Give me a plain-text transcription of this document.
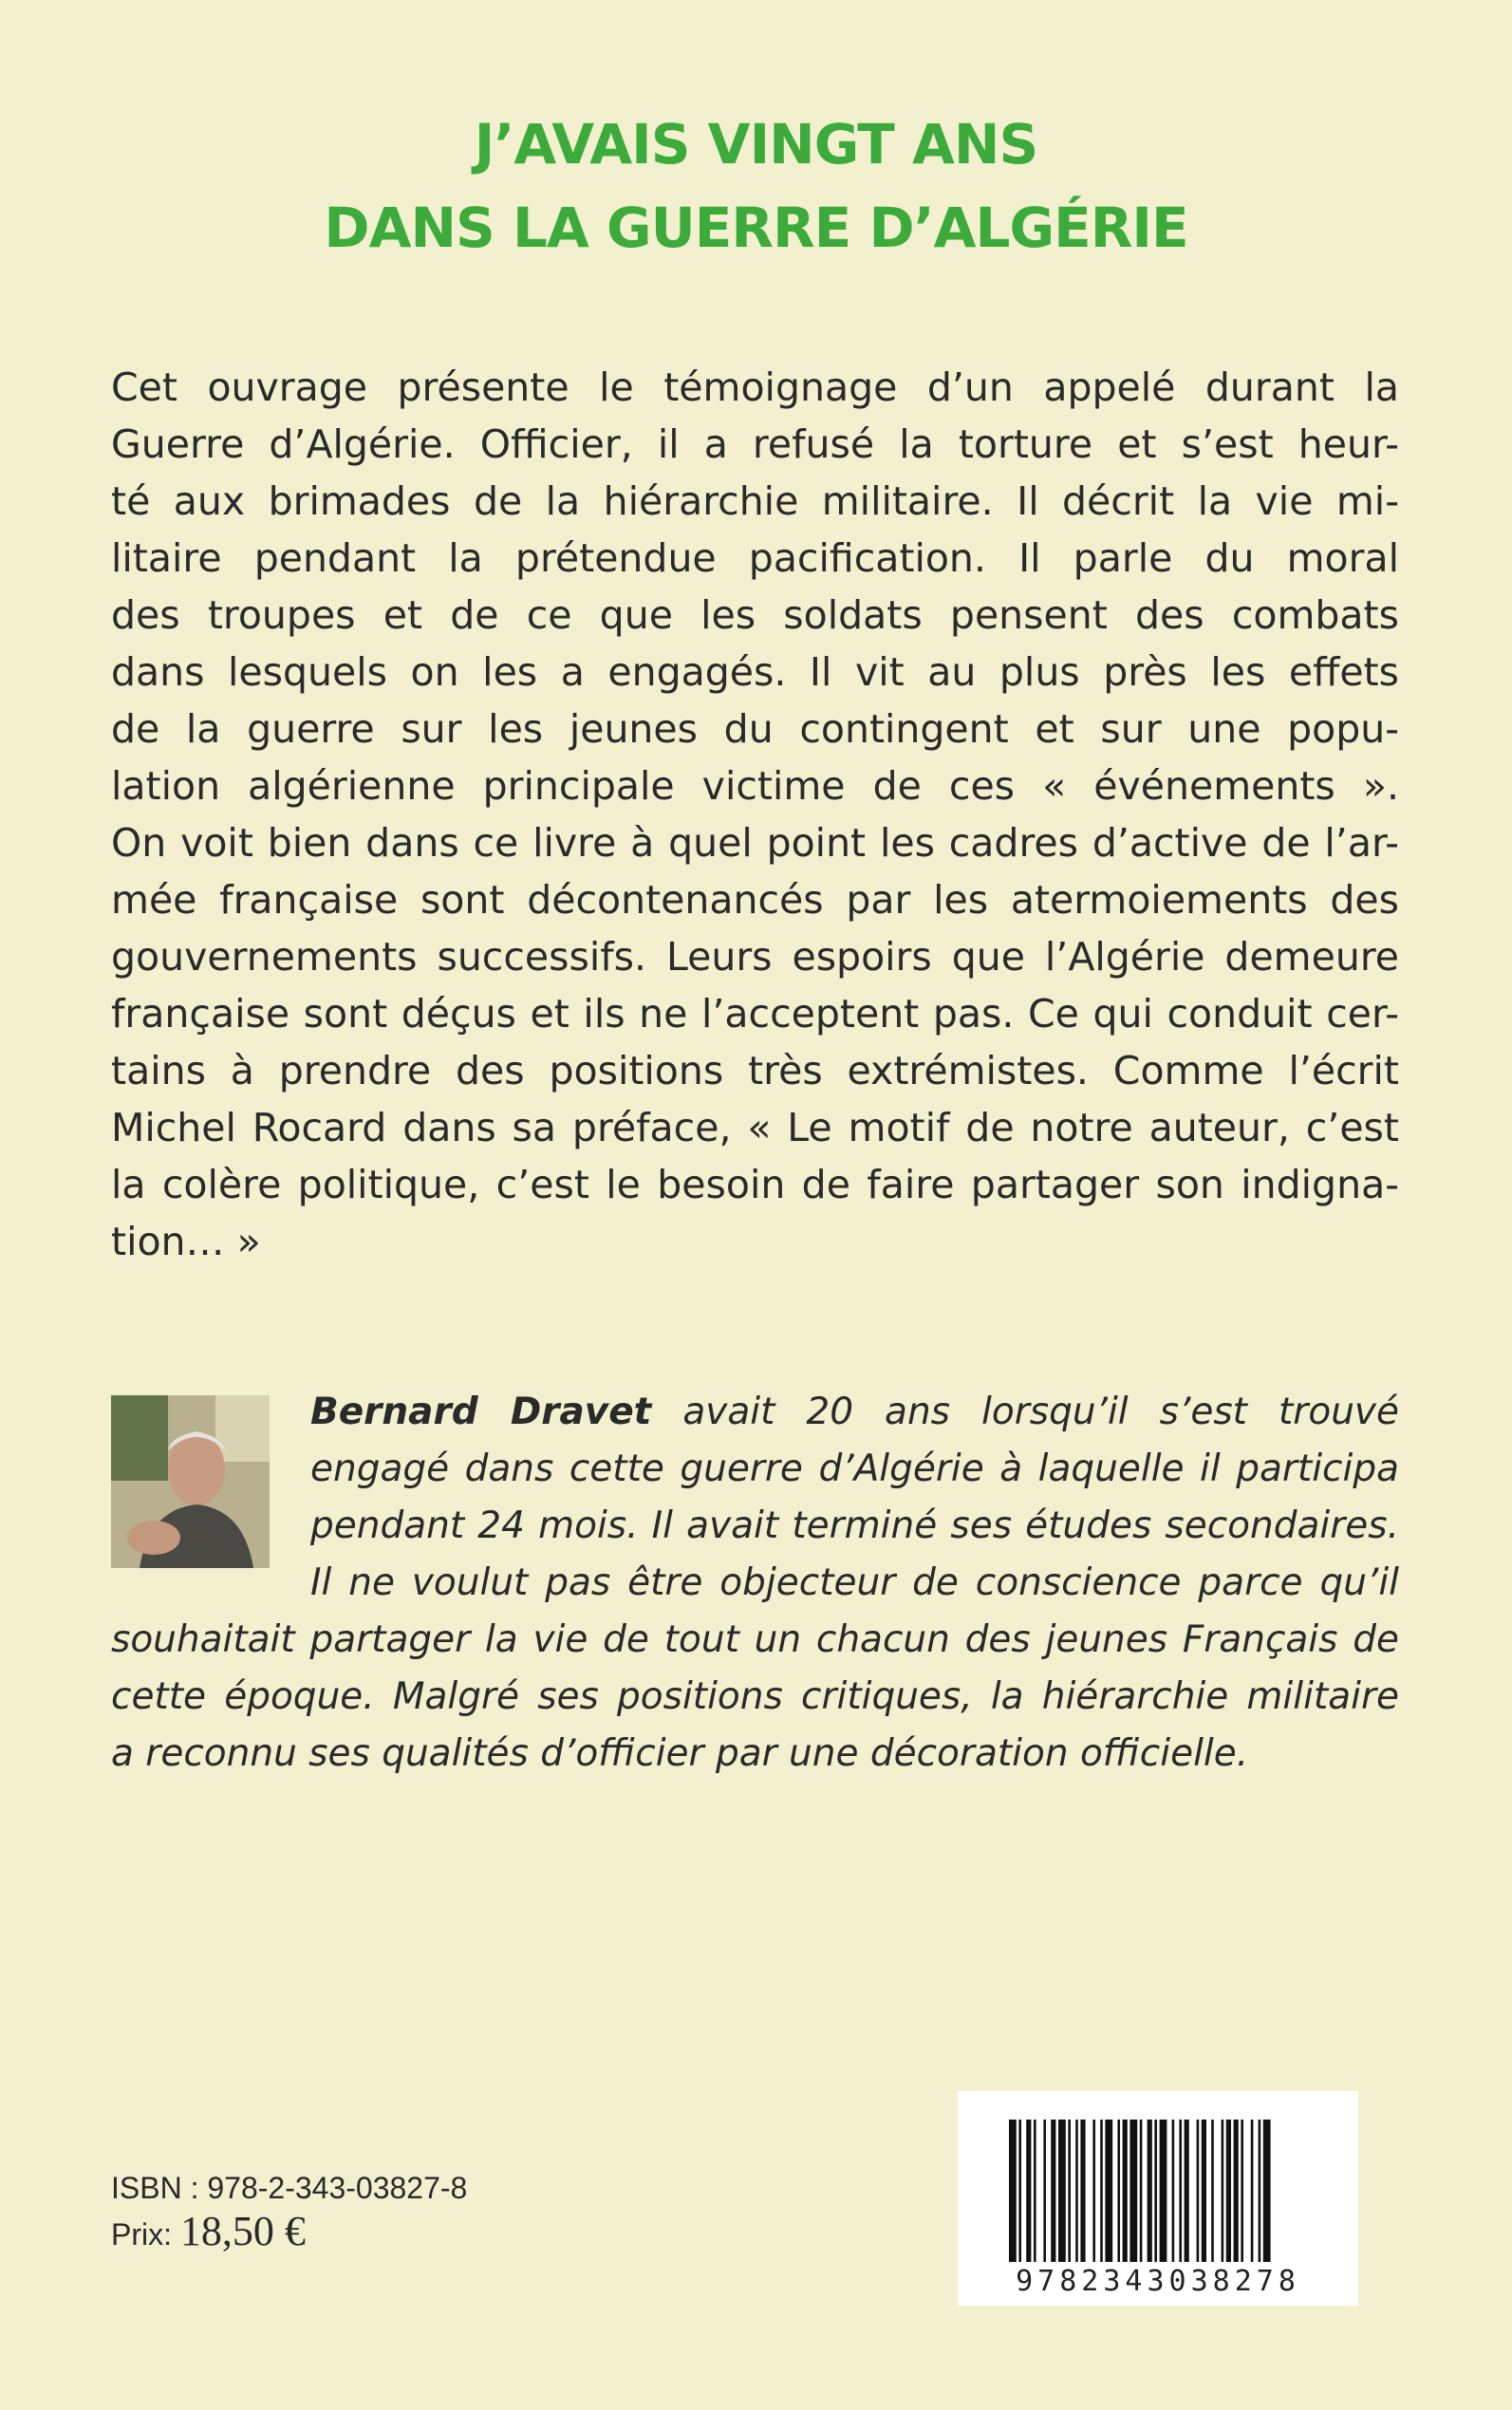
J’AVAIS VINGT ANS
DANS LA GUERRE D’ALGÉRIE
Cet ouvrage présente le témoignage d’un appelé durant la
Guerre d’Algérie. Officier, il a refusé la torture et s’est heur-
té aux brimades de la hiérarchie militaire. Il décrit la vie mi-
litaire pendant la prétendue pacification. Il parle du moral
des troupes et de ce que les soldats pensent des combats
dans lesquels on les a engagés. Il vit au plus près les effets
de la guerre sur les jeunes du contingent et sur une popu-
lation algérienne principale victime de ces « événements ».
On voit bien dans ce livre à quel point les cadres d’active de l’ar-
mée française sont décontenancés par les atermoiements des
gouvernements successifs. Leurs espoirs que l’Algérie demeure
française sont déçus et ils ne l’acceptent pas. Ce qui conduit cer-
tains à prendre des positions très extrémistes. Comme l’écrit
Michel Rocard dans sa préface, « Le motif de notre auteur, c’est
la colère politique, c’est le besoin de faire partager son indigna-
tion… »
Bernard Dravet avait 20 ans lorsqu’il s’est trouvé
engagé dans cette guerre d’Algérie à laquelle il participa
pendant 24 mois. Il avait terminé ses études secondaires.
Il ne voulut pas être objecteur de conscience parce qu’il
souhaitait partager la vie de tout un chacun des jeunes Français de
cette époque. Malgré ses positions critiques, la hiérarchie militaire
a reconnu ses qualités d’officier par une décoration officielle.
ISBN : 978-2-343-03827-8
Prix: 18,50 €
9782343038278
